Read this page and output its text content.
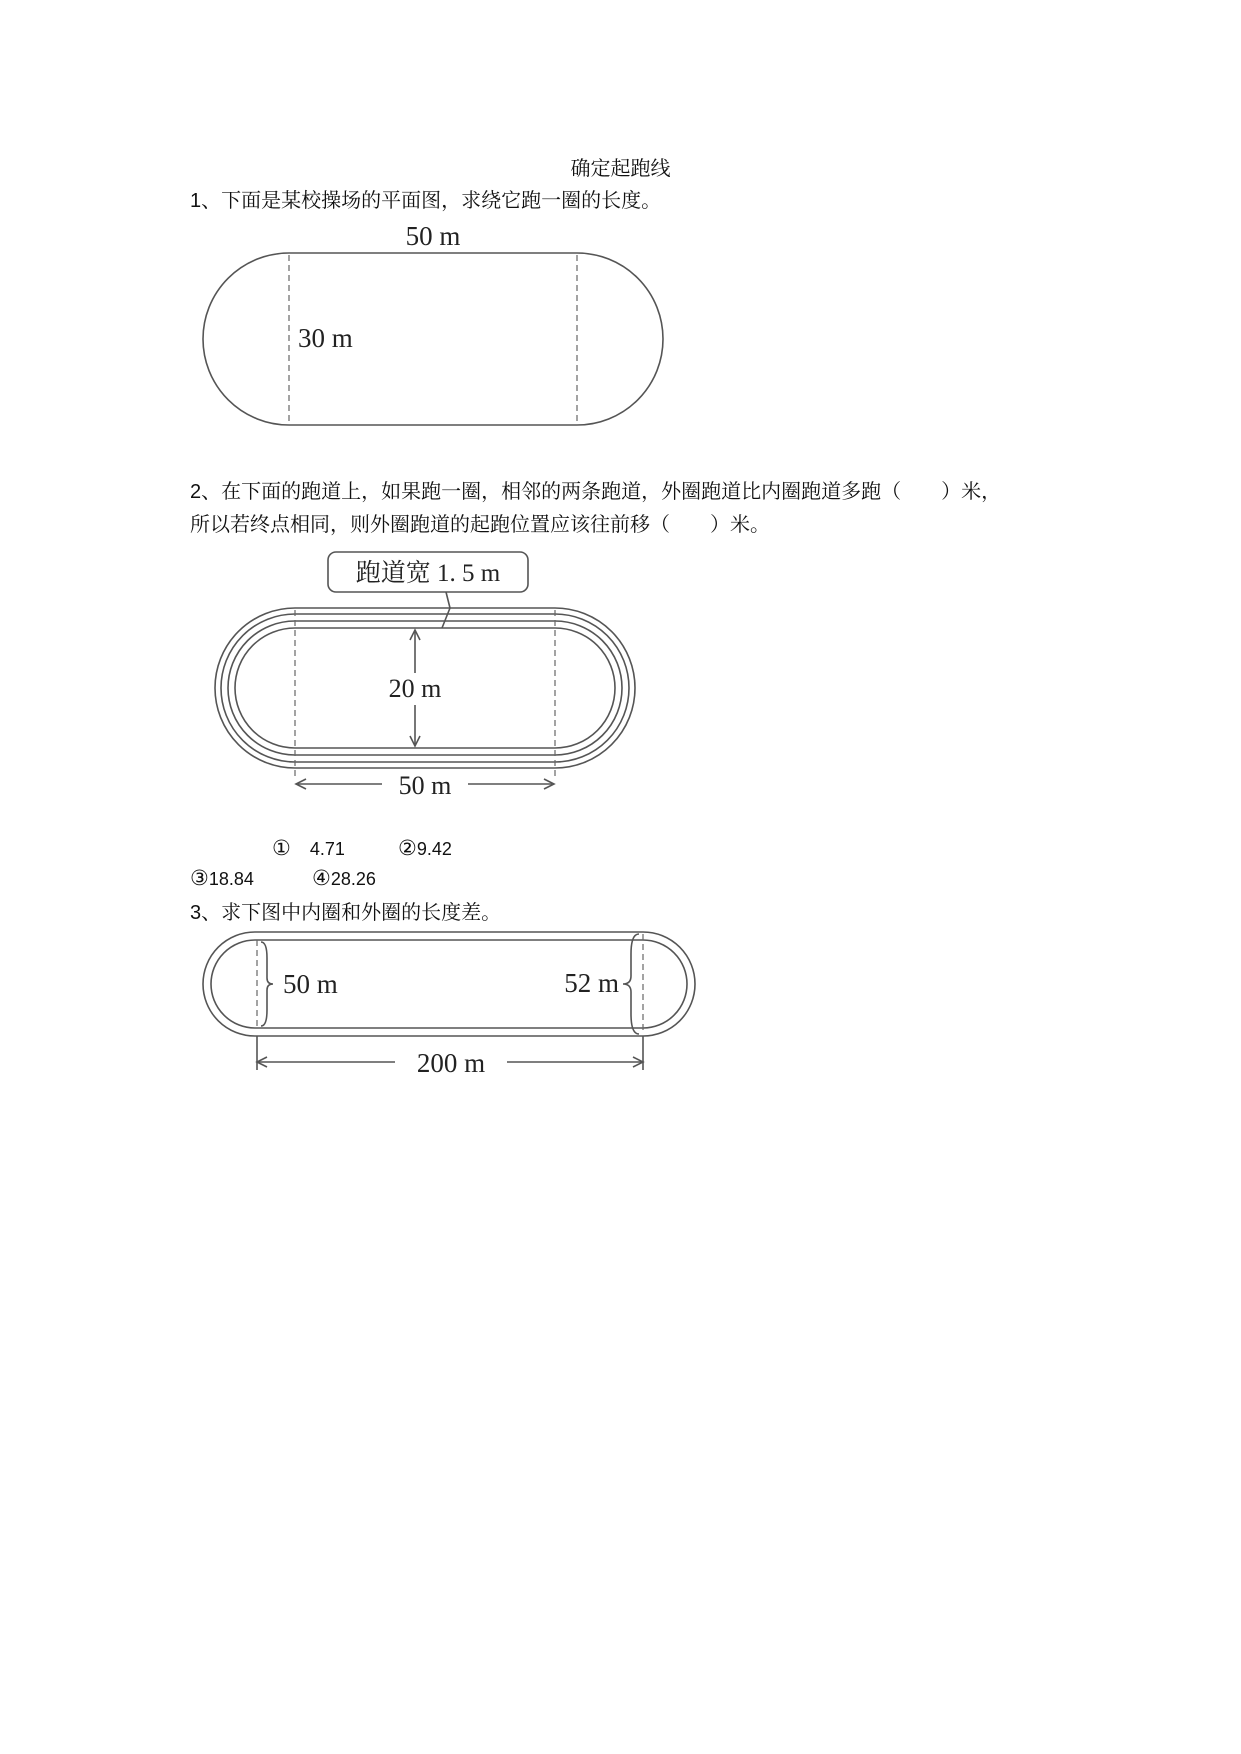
确定起跑线
1、下面是某校操场的平面图，求绕它跑一圈的长度。
50 m
30 m
2、在下面的跑道上，如果跑一圈，相邻的两条跑道，外圈跑道比内圈跑道多跑（　　）米，
所以若终点相同，则外圈跑道的起跑位置应该往前移（　　）米。
跑道宽 1. 5 m
20 m
50 m
① 4.71	②9.42
③18.84	④28.26
3、求下图中内圈和外圈的长度差。
50 m	52 m
200 m
